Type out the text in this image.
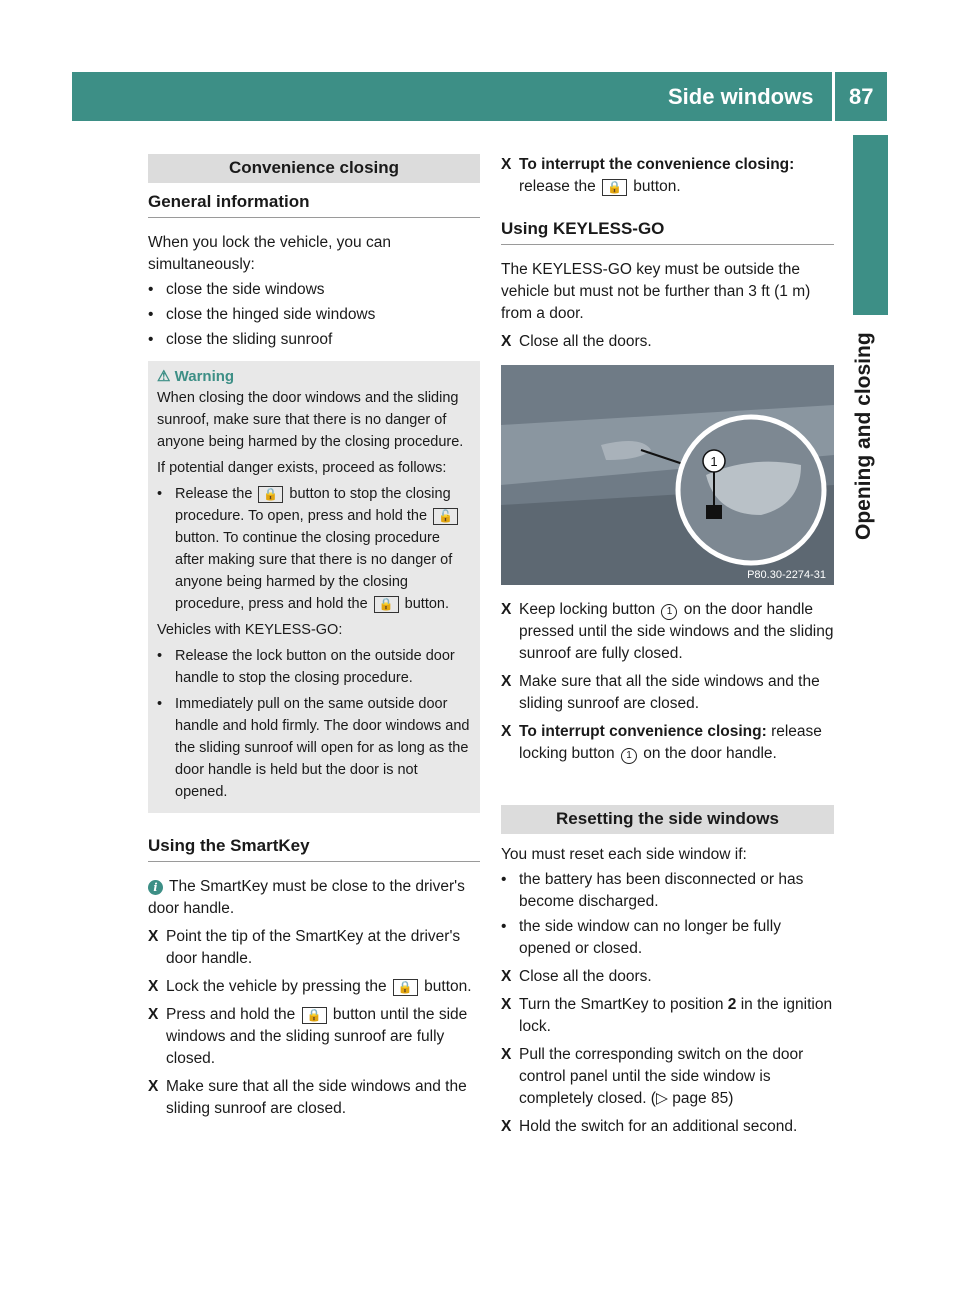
Side windows 87
Opening and closing
Convenience closing
General information

When you lock the vehicle, you can simultaneously:

• close the side windows
• close the hinged side windows
• close the sliding sunroof
⚠ Warning

When closing the door windows and the sliding sunroof, make sure that there is no danger of anyone being harmed by the closing procedure.

If potential danger exists, proceed as follows:

• Release the 🔒 button to stop the closing procedure. To open, press and hold the 🔓 button. To continue the closing procedure after making sure that there is no danger of anyone being harmed by the closing procedure, press and hold the 🔒 button.

Vehicles with KEYLESS-GO:

• Release the lock button on the outside door handle to stop the closing procedure.
• Immediately pull on the same outside door handle and hold firmly. The door windows and the sliding sunroof will open for as long as the door handle is held but the door is not opened.
Using the SmartKey

i The SmartKey must be close to the driver's door handle.

X Point the tip of the SmartKey at the driver's door handle.
X Lock the vehicle by pressing the 🔒 button.
X Press and hold the 🔒 button until the side windows and the sliding sunroof are fully closed.
X Make sure that all the side windows and the sliding sunroof are closed.
X To interrupt the convenience closing: release the 🔒 button.
Using KEYLESS-GO

The KEYLESS-GO key must be outside the vehicle but must not be further than 3 ft (1 m) from a door.

X Close all the doors.
1
P80.30-2274-31
X Keep locking button 1 on the door handle pressed until the side windows and the sliding sunroof are fully closed.
X Make sure that all the side windows and the sliding sunroof are closed.
X To interrupt convenience closing: release locking button 1 on the door handle.
Resetting the side windows

You must reset each side window if:

• the battery has been disconnected or has become discharged.
• the side window can no longer be fully opened or closed.
X Close all the doors.
X Turn the SmartKey to position 2 in the ignition lock.
X Pull the corresponding switch on the door control panel until the side window is completely closed. (▷ page 85)
X Hold the switch for an additional second.
